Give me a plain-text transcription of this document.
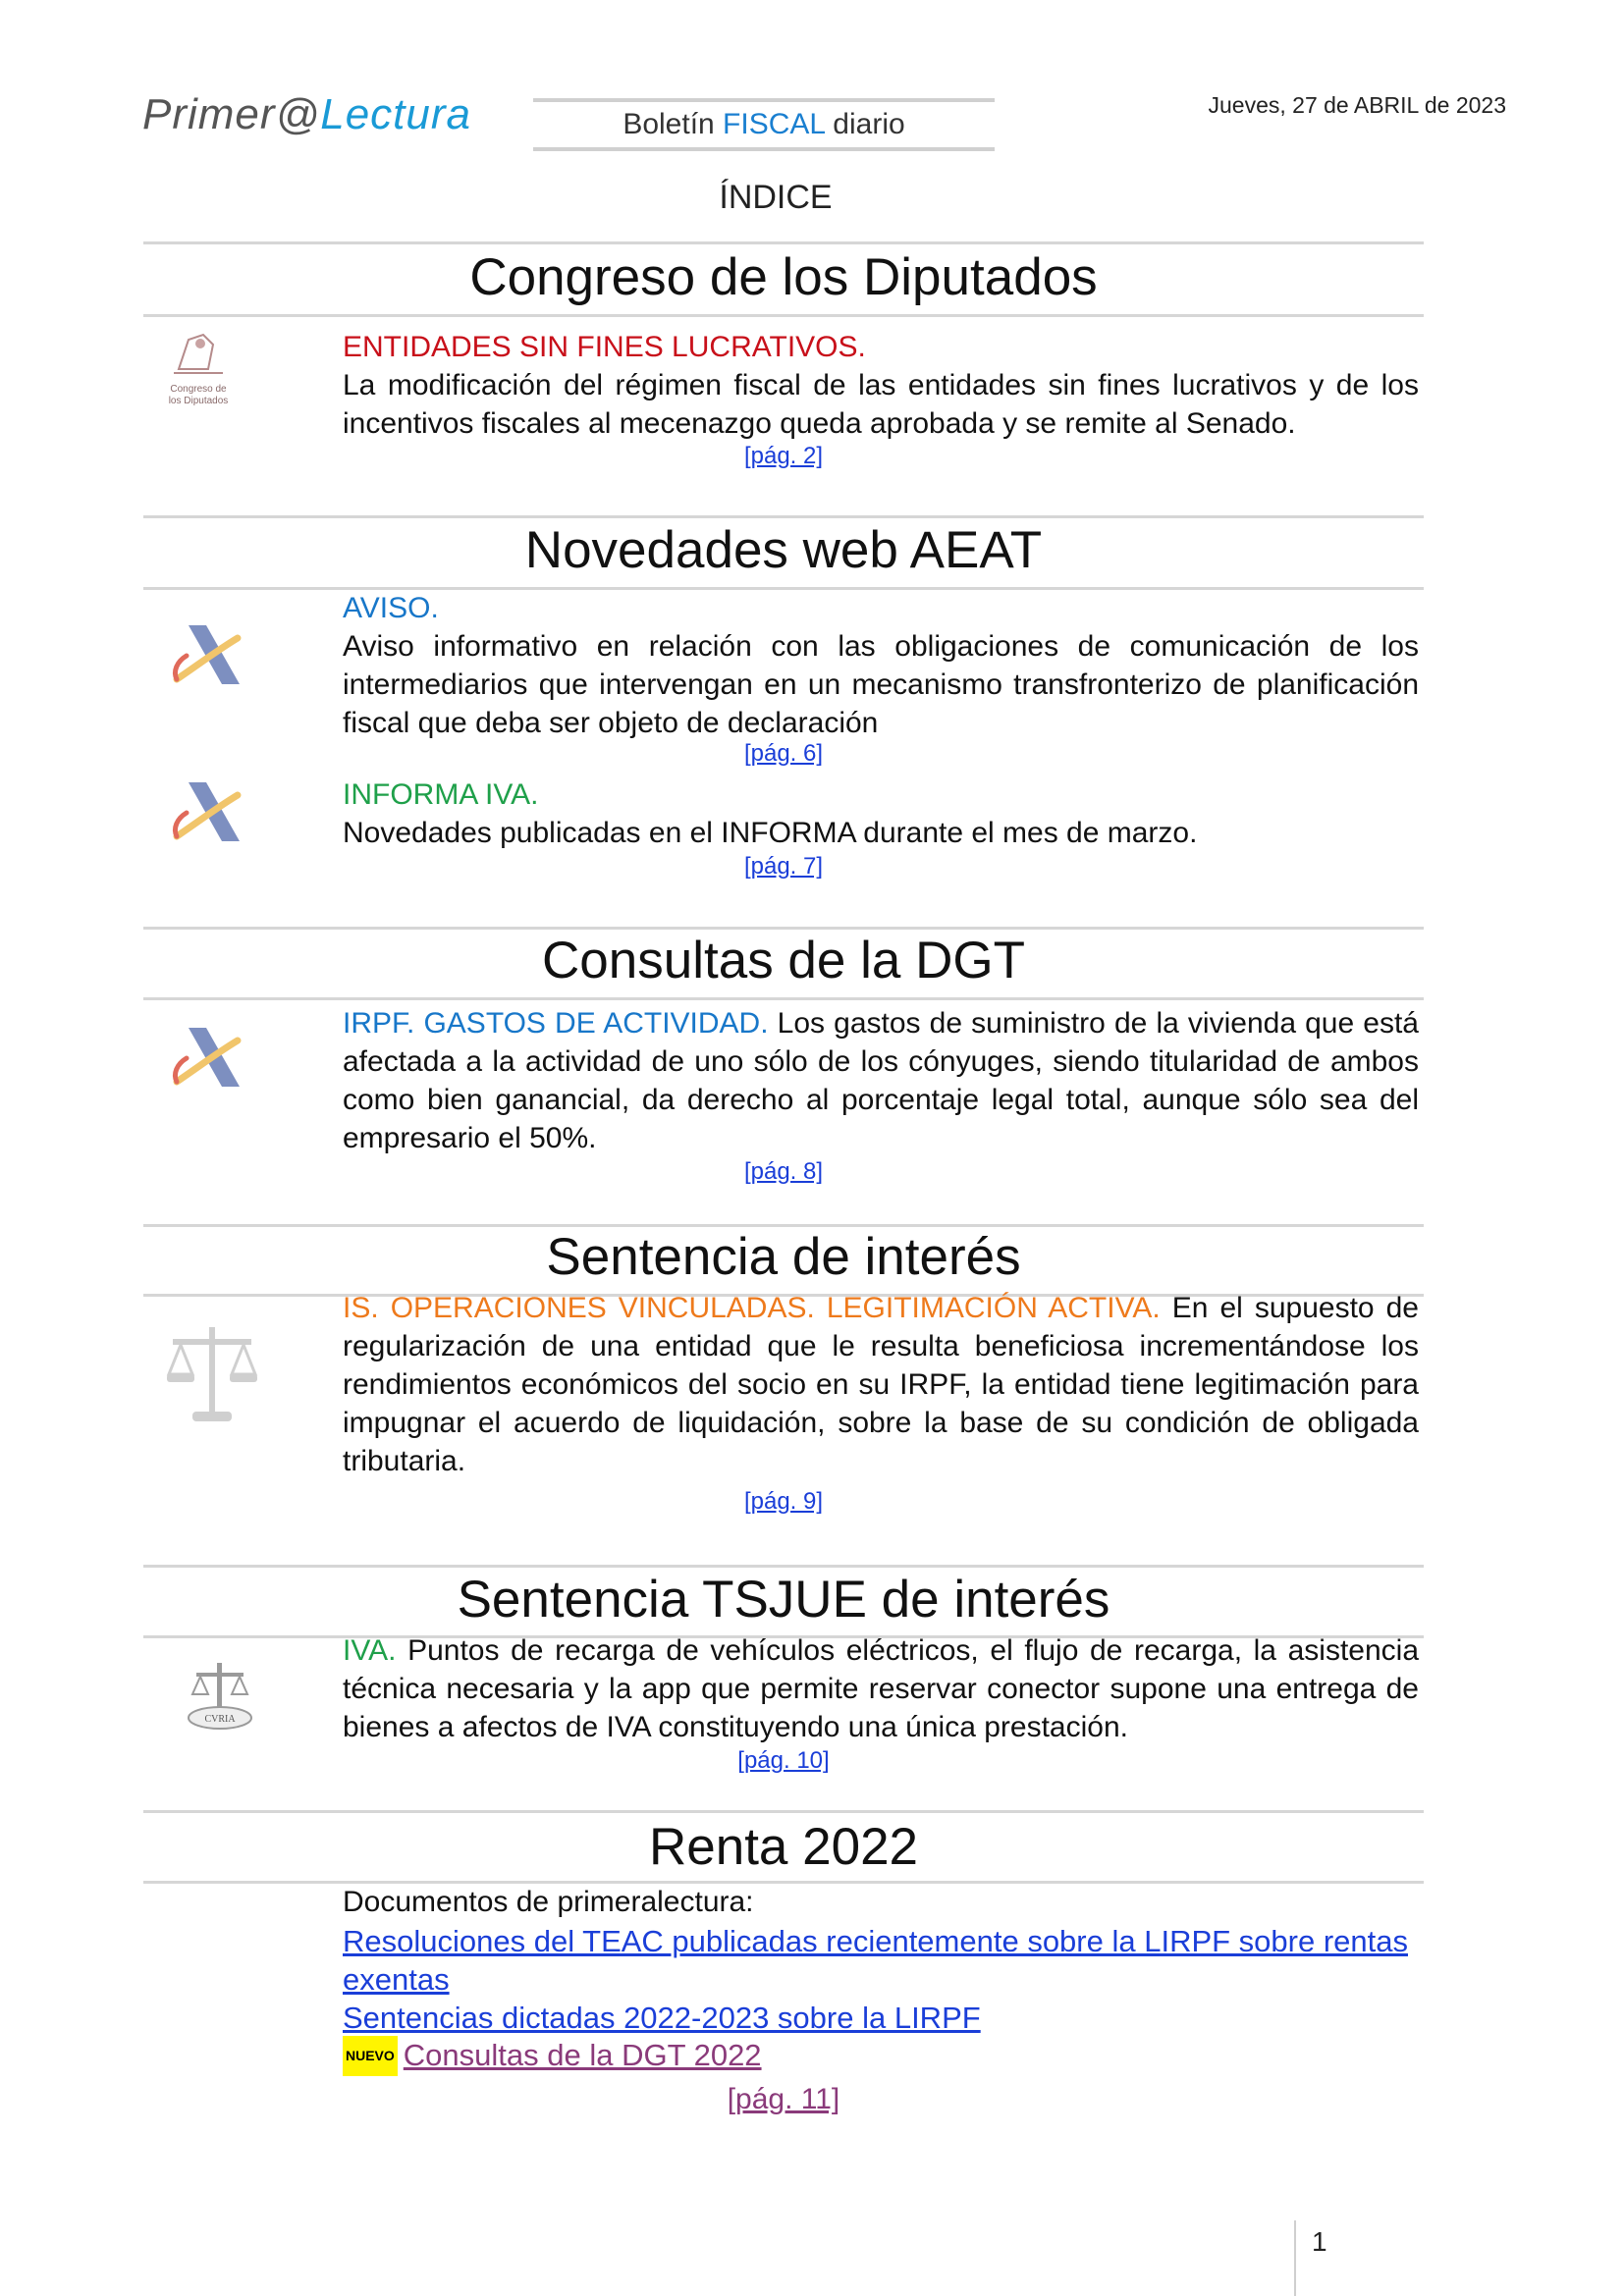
Primer@Lectura	Boletín FISCAL diario
Jueves, 27 de ABRIL de 2023
ÍNDICE
Congreso de los Diputados
Congreso de
los Diputados
ENTIDADES SIN FINES LUCRATIVOS.
La modificación del régimen fiscal de las entidades sin fines lucrativos y de los incentivos fiscales al mecenazgo queda aprobada y se remite al Senado.
[pág. 2]
Novedades web AEAT
AVISO.
Aviso informativo en relación con las obligaciones de comunicación de los intermediarios que intervengan en un mecanismo transfronterizo de planificación fiscal que deba ser objeto de declaración
[pág. 6]
INFORMA IVA.
Novedades publicadas en el INFORMA durante el mes de marzo.
[pág. 7]
Consultas de la DGT
IRPF. GASTOS DE ACTIVIDAD. Los gastos de suministro de la vivienda que está afectada a la actividad de uno sólo de los cónyuges, siendo titularidad de ambos como bien ganancial, da derecho al porcentaje legal total, aunque sólo sea del empresario el 50%.
[pág. 8]
Sentencia de interés
IS. OPERACIONES VINCULADAS. LEGITIMACIÓN ACTIVA. En el supuesto de regularización de una entidad que le resulta beneficiosa incrementándose los rendimientos económicos del socio en su IRPF, la entidad tiene legitimación para impugnar el acuerdo de liquidación, sobre la base de su condición de obligada tributaria.
[pág. 9]
Sentencia TSJUE de interés
CVRIA
IVA. Puntos de recarga de vehículos eléctricos, el flujo de recarga, la asistencia técnica necesaria y la app que permite reservar conector supone una entrega de bienes a afectos de IVA constituyendo una única prestación.
[pág. 10]
Renta 2022
Documentos de primeralectura:
Resoluciones del TEAC publicadas recientemente sobre la LIRPF sobre rentas exentas
Sentencias dictadas 2022-2023 sobre la LIRPF
NUEVO Consultas de la DGT 2022
[pág. 11]
1
